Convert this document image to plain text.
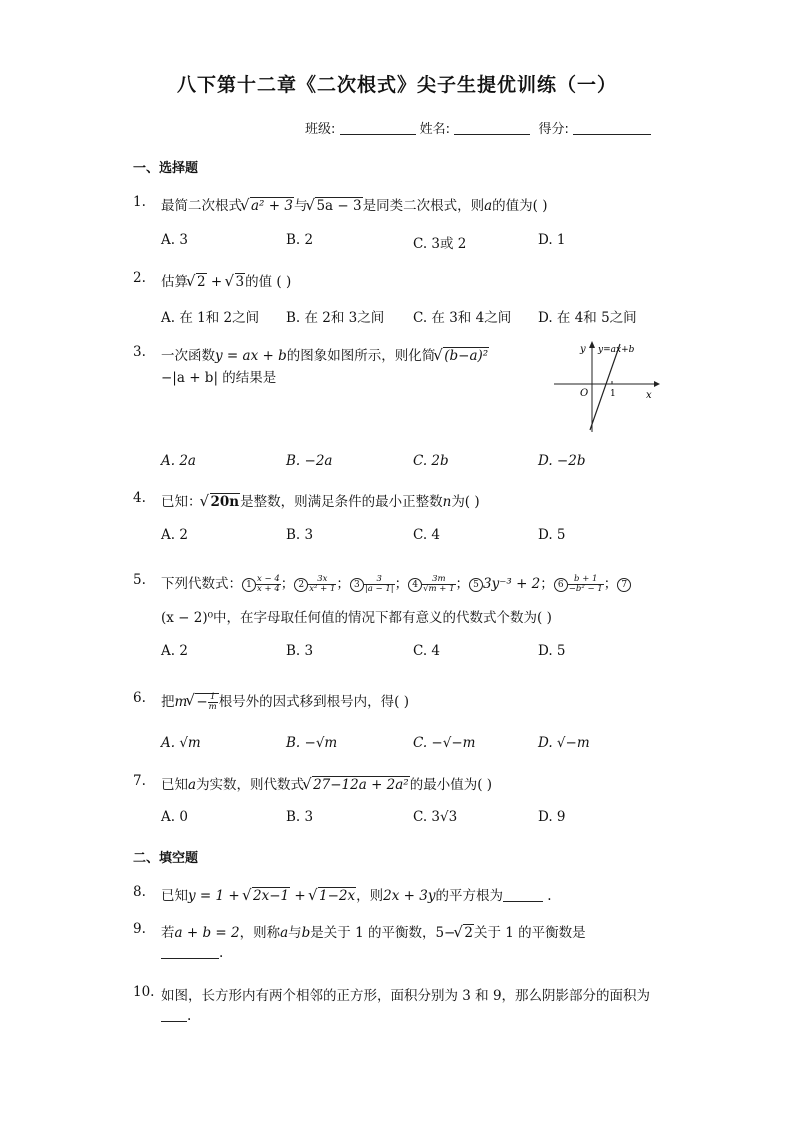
八下第十二章《二次根式》尖子生提优训练（一）
班级:	姓名:	得分:
一、选择题
1. 最简二次根式√ a² + 3与√ 5a − 3是同类二次根式，则a的值为( )
A. 3	B. 2	C. 3或 2	D. 1
2. 估算√ 2 + √ 3的值 ( )
A. 在 1和 2之间 B. 在 2和 3之间 C. 在 3和 4之间 D. 在 4和 5之间
3. 一次函数y = ax + b的图象如图所示，则化简√ (b−a)²
−|a + b| 的结果是
y=ax+b
y
x
O 1
A. 2a	B. −2a	C. 2b	D. −2b
4. 已知：√ 20n是整数，则满足条件的最小正整数n为( )
A. 2	B. 3	C. 4	D. 5
5. 下列代数式： $1 \frac{x - 4}{x + 4}$ ； $2 \frac{3x}{\text{x² + 1}}$ ； $3 \frac{3}{|a - 1|}$ ； $4 \frac{3m}{√m + 1}$ ； 5 3y⁻³ + 2； $6 \frac{b + 1}{\text{−b² − 1}}$ ； 7
(x − 2)⁰中，在字母取任何值的情况下都有意义的代数式个数为( )
A. 2	B. 3	C. 4	D. 5
6. 把$m√ - \frac{1}{m}$ 根号外的因式移到根号内，得( )
A. √m	B. −√m	C. −√−m	D. √−m
7. 已知a为实数，则代数式√ 27−12a + 2a²的最小值为( )
A. 0	B. 3	C. 3√3	D. 9
二、填空题
8. 已知y = 1 + √ 2x−1 + √ 1−2x，则2x + 3y的平方根为	.
9. 若a + b = 2，则称a与b是关于 1 的平衡数，5−√ 2关于 1 的平衡数是
.
10. 如图，长方形内有两个相邻的正方形，面积分别为 3 和 9，那么阴影部分的面积为
.
